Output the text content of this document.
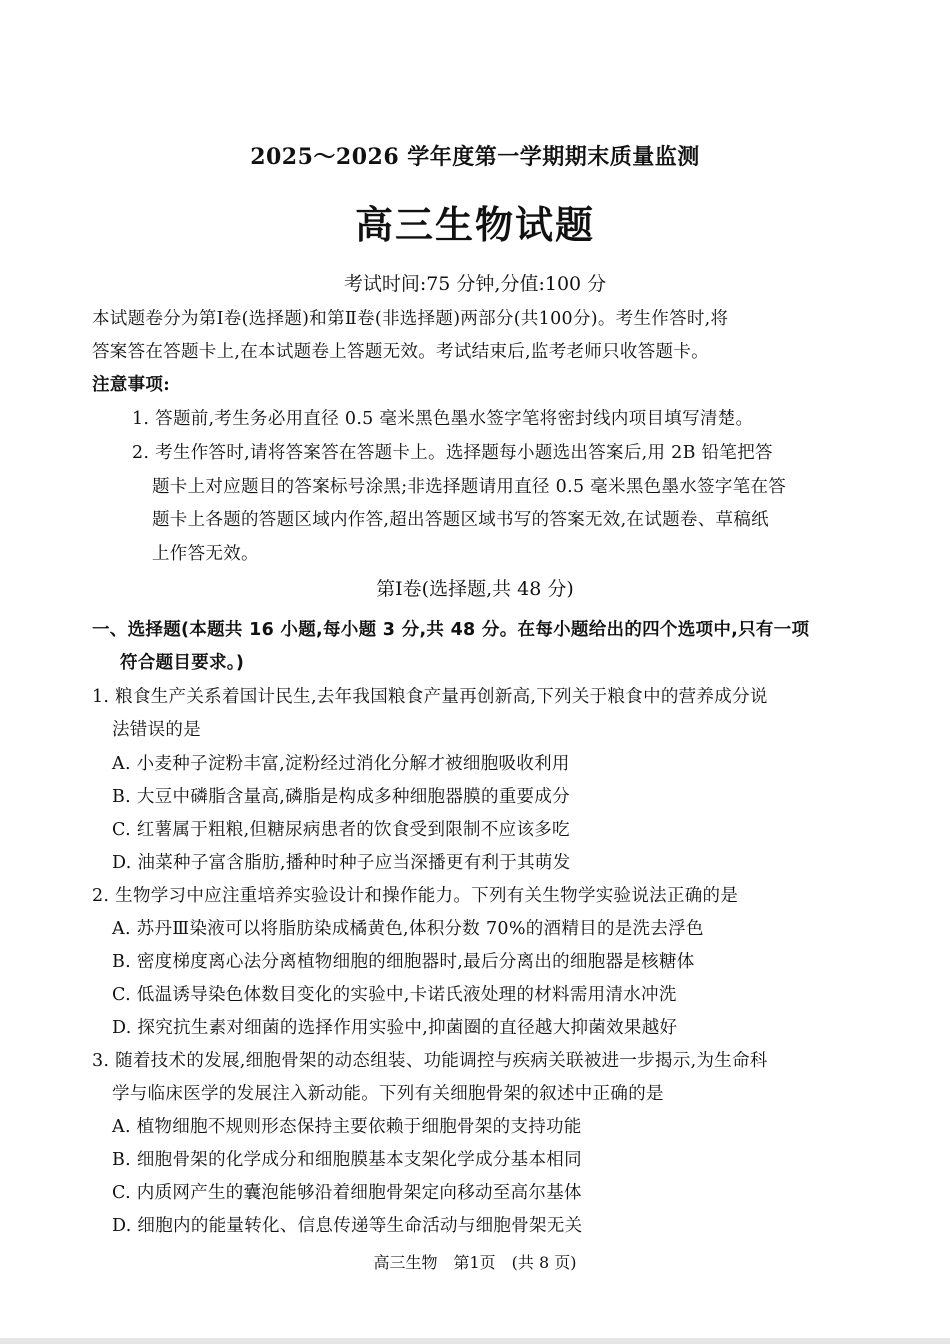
2025～2026 学年度第一学期期末质量监测
高三生物试题
考试时间:75 分钟,分值:100 分
本试题卷分为第Ⅰ卷(选择题)和第Ⅱ卷(非选择题)两部分(共100分)。考生作答时,将
答案答在答题卡上,在本试题卷上答题无效。考试结束后,监考老师只收答题卡。
注意事项:
1. 答题前,考生务必用直径 0.5 毫米黑色墨水签字笔将密封线内项目填写清楚。
2. 考生作答时,请将答案答在答题卡上。选择题每小题选出答案后,用 2B 铅笔把答
题卡上对应题目的答案标号涂黑;非选择题请用直径 0.5 毫米黑色墨水签字笔在答
题卡上各题的答题区域内作答,超出答题区域书写的答案无效,在试题卷、草稿纸
上作答无效。
第Ⅰ卷(选择题,共 48 分)
一、选择题(本题共 16 小题,每小题 3 分,共 48 分。在每小题给出的四个选项中,只有一项
符合题目要求。)
1. 粮食生产关系着国计民生,去年我国粮食产量再创新高,下列关于粮食中的营养成分说
法错误的是
A. 小麦种子淀粉丰富,淀粉经过消化分解才被细胞吸收利用
B. 大豆中磷脂含量高,磷脂是构成多种细胞器膜的重要成分
C. 红薯属于粗粮,但糖尿病患者的饮食受到限制不应该多吃
D. 油菜种子富含脂肪,播种时种子应当深播更有利于其萌发
2. 生物学习中应注重培养实验设计和操作能力。下列有关生物学实验说法正确的是
A. 苏丹Ⅲ染液可以将脂肪染成橘黄色,体积分数 70%的酒精目的是洗去浮色
B. 密度梯度离心法分离植物细胞的细胞器时,最后分离出的细胞器是核糖体
C. 低温诱导染色体数目变化的实验中,卡诺氏液处理的材料需用清水冲洗
D. 探究抗生素对细菌的选择作用实验中,抑菌圈的直径越大抑菌效果越好
3. 随着技术的发展,细胞骨架的动态组装、功能调控与疾病关联被进一步揭示,为生命科
学与临床医学的发展注入新动能。下列有关细胞骨架的叙述中正确的是
A. 植物细胞不规则形态保持主要依赖于细胞骨架的支持功能
B. 细胞骨架的化学成分和细胞膜基本支架化学成分基本相同
C. 内质网产生的囊泡能够沿着细胞骨架定向移动至高尔基体
D. 细胞内的能量转化、信息传递等生命活动与细胞骨架无关
高三生物　第1页　(共 8 页)
